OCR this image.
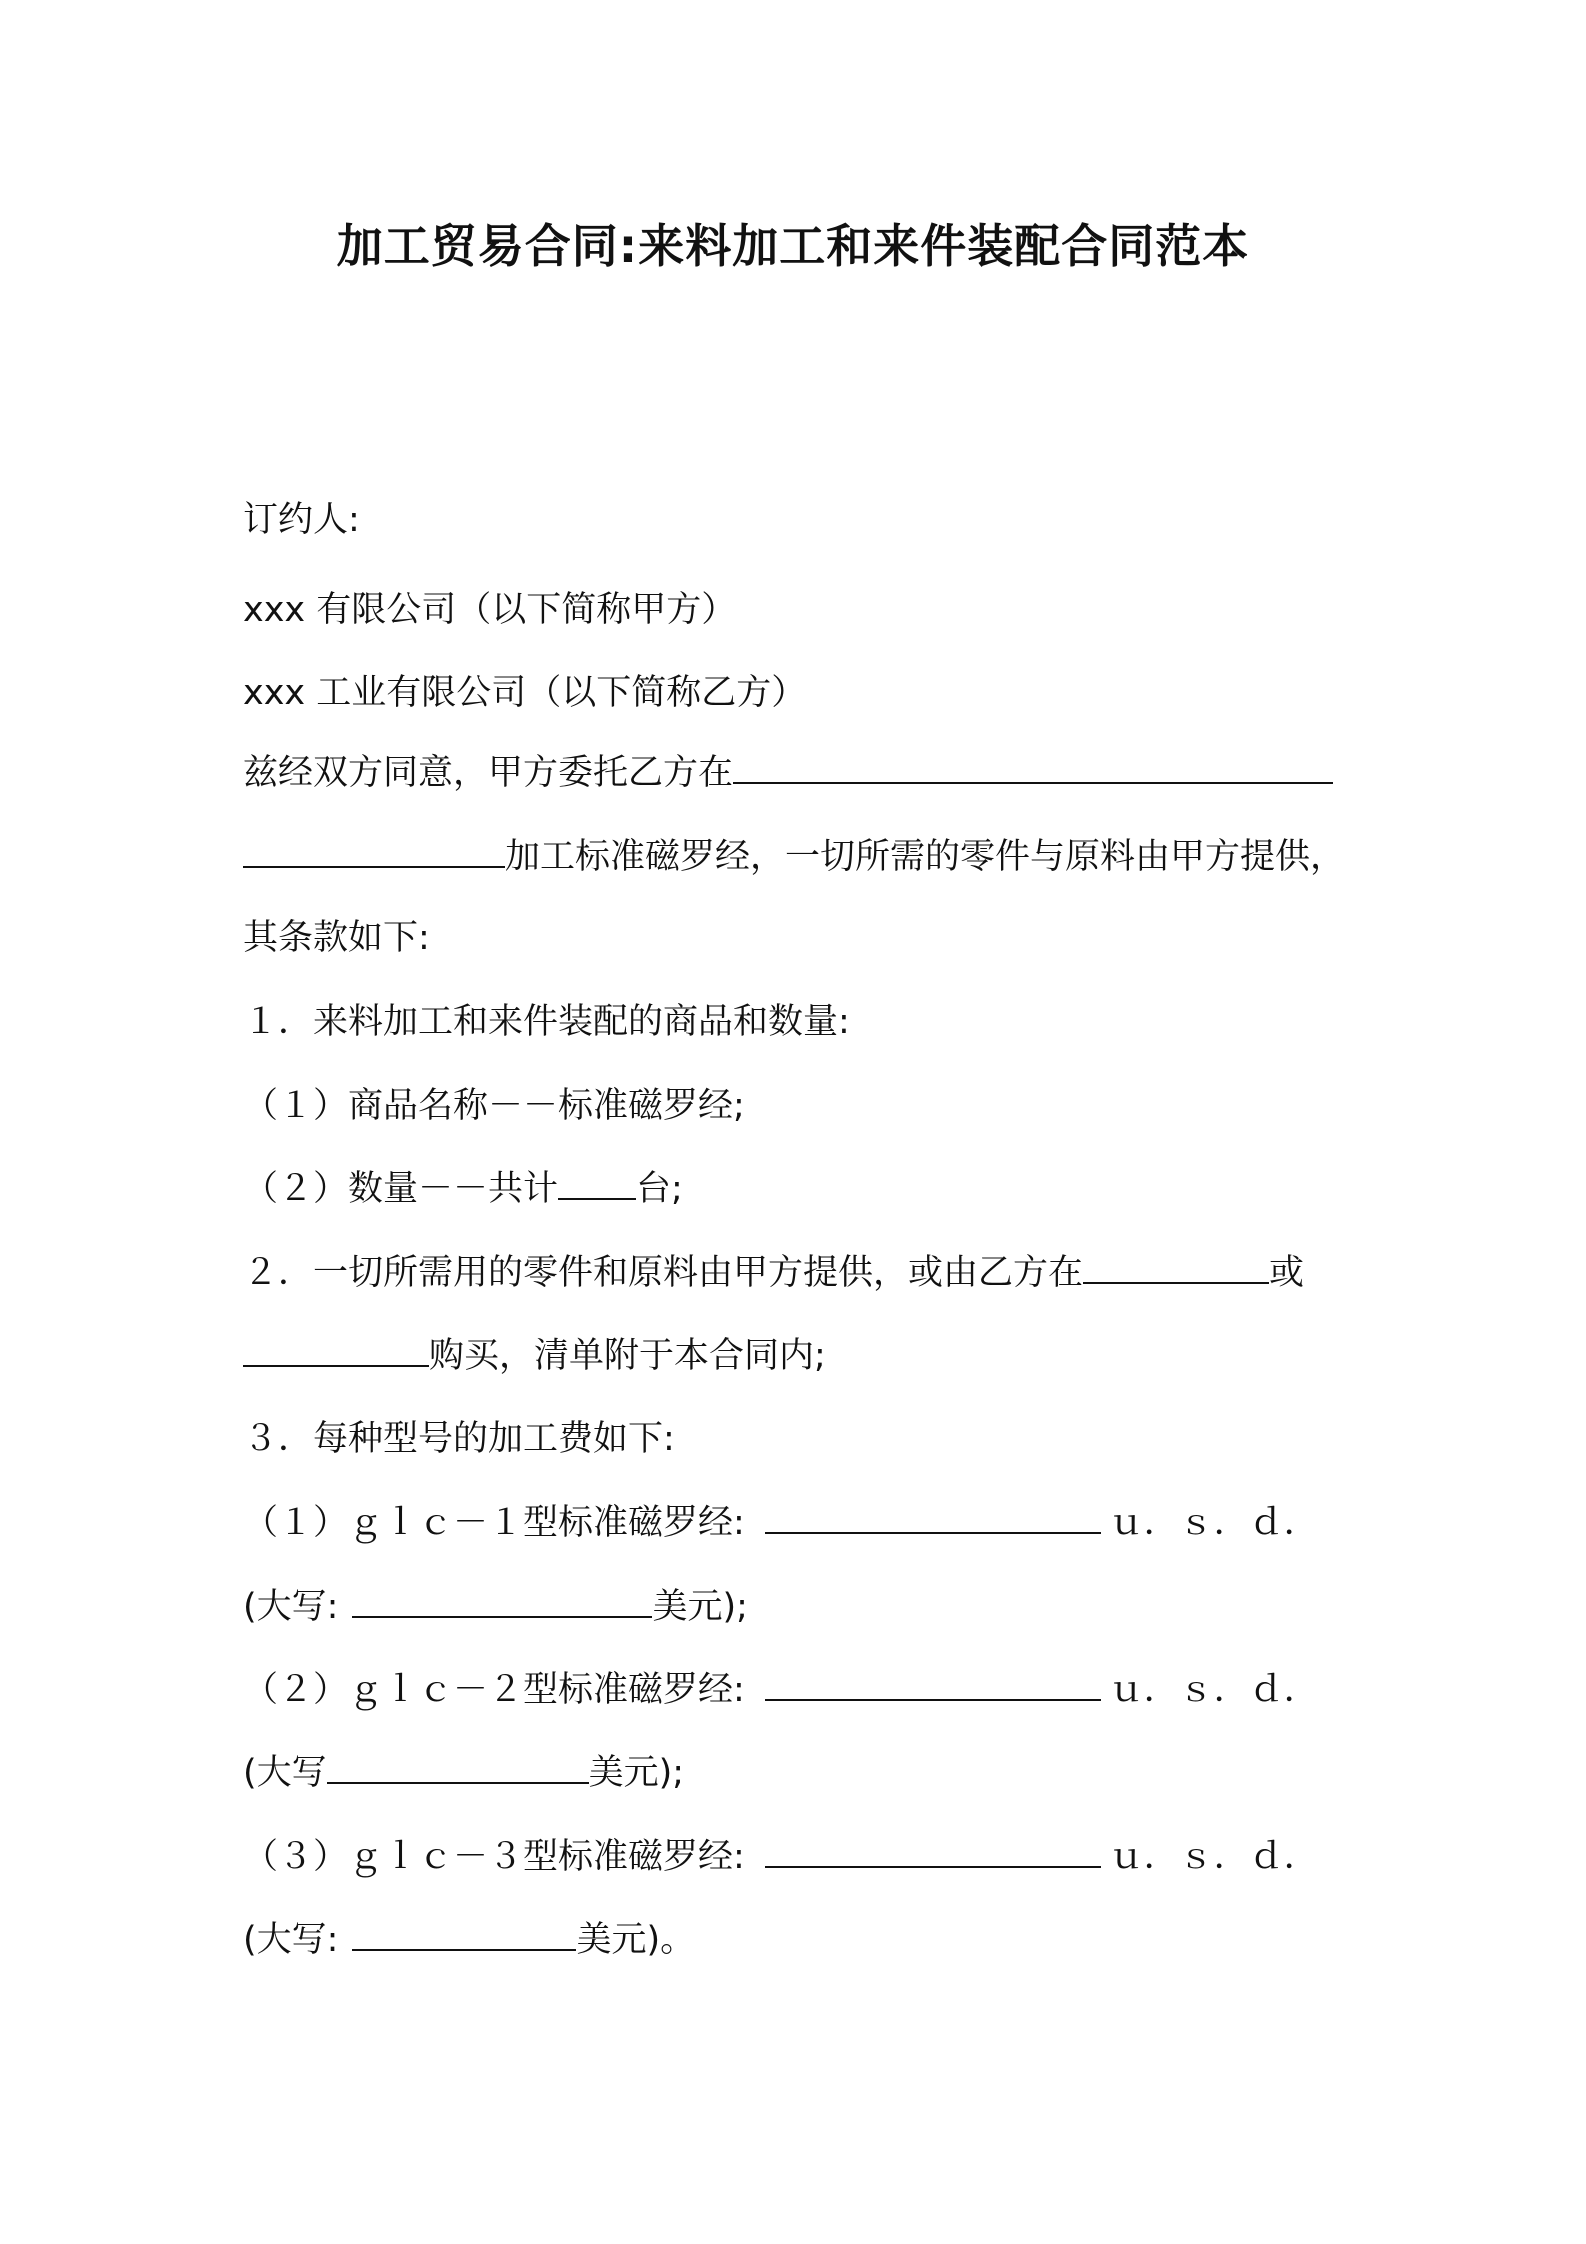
加工贸易合同:来料加工和来件装配合同范本
订约人:
xxx 有限公司（以下简称甲方）
xxx 工业有限公司（以下简称乙方）
兹经双方同意，甲方委托乙方在
加工标准磁罗经，一切所需的零件与原料由甲方提供，
其条款如下:
１．来料加工和来件装配的商品和数量:
（１）商品名称－－标准磁罗经;
（２）数量－－共计 台;
２．一切所需用的零件和原料由甲方提供，或由乙方在	或
购买，清单附于本合同内;
３．每种型号的加工费如下:
（１）ｇｌｃ－１型标准磁罗经:	ｕ．ｓ．ｄ．
(大写:	美元);
（２）ｇｌｃ－２型标准磁罗经:	ｕ．ｓ．ｄ．
(大写	美元);
（３）ｇｌｃ－３型标准磁罗经:	ｕ．ｓ．ｄ．
(大写:	美元)。
